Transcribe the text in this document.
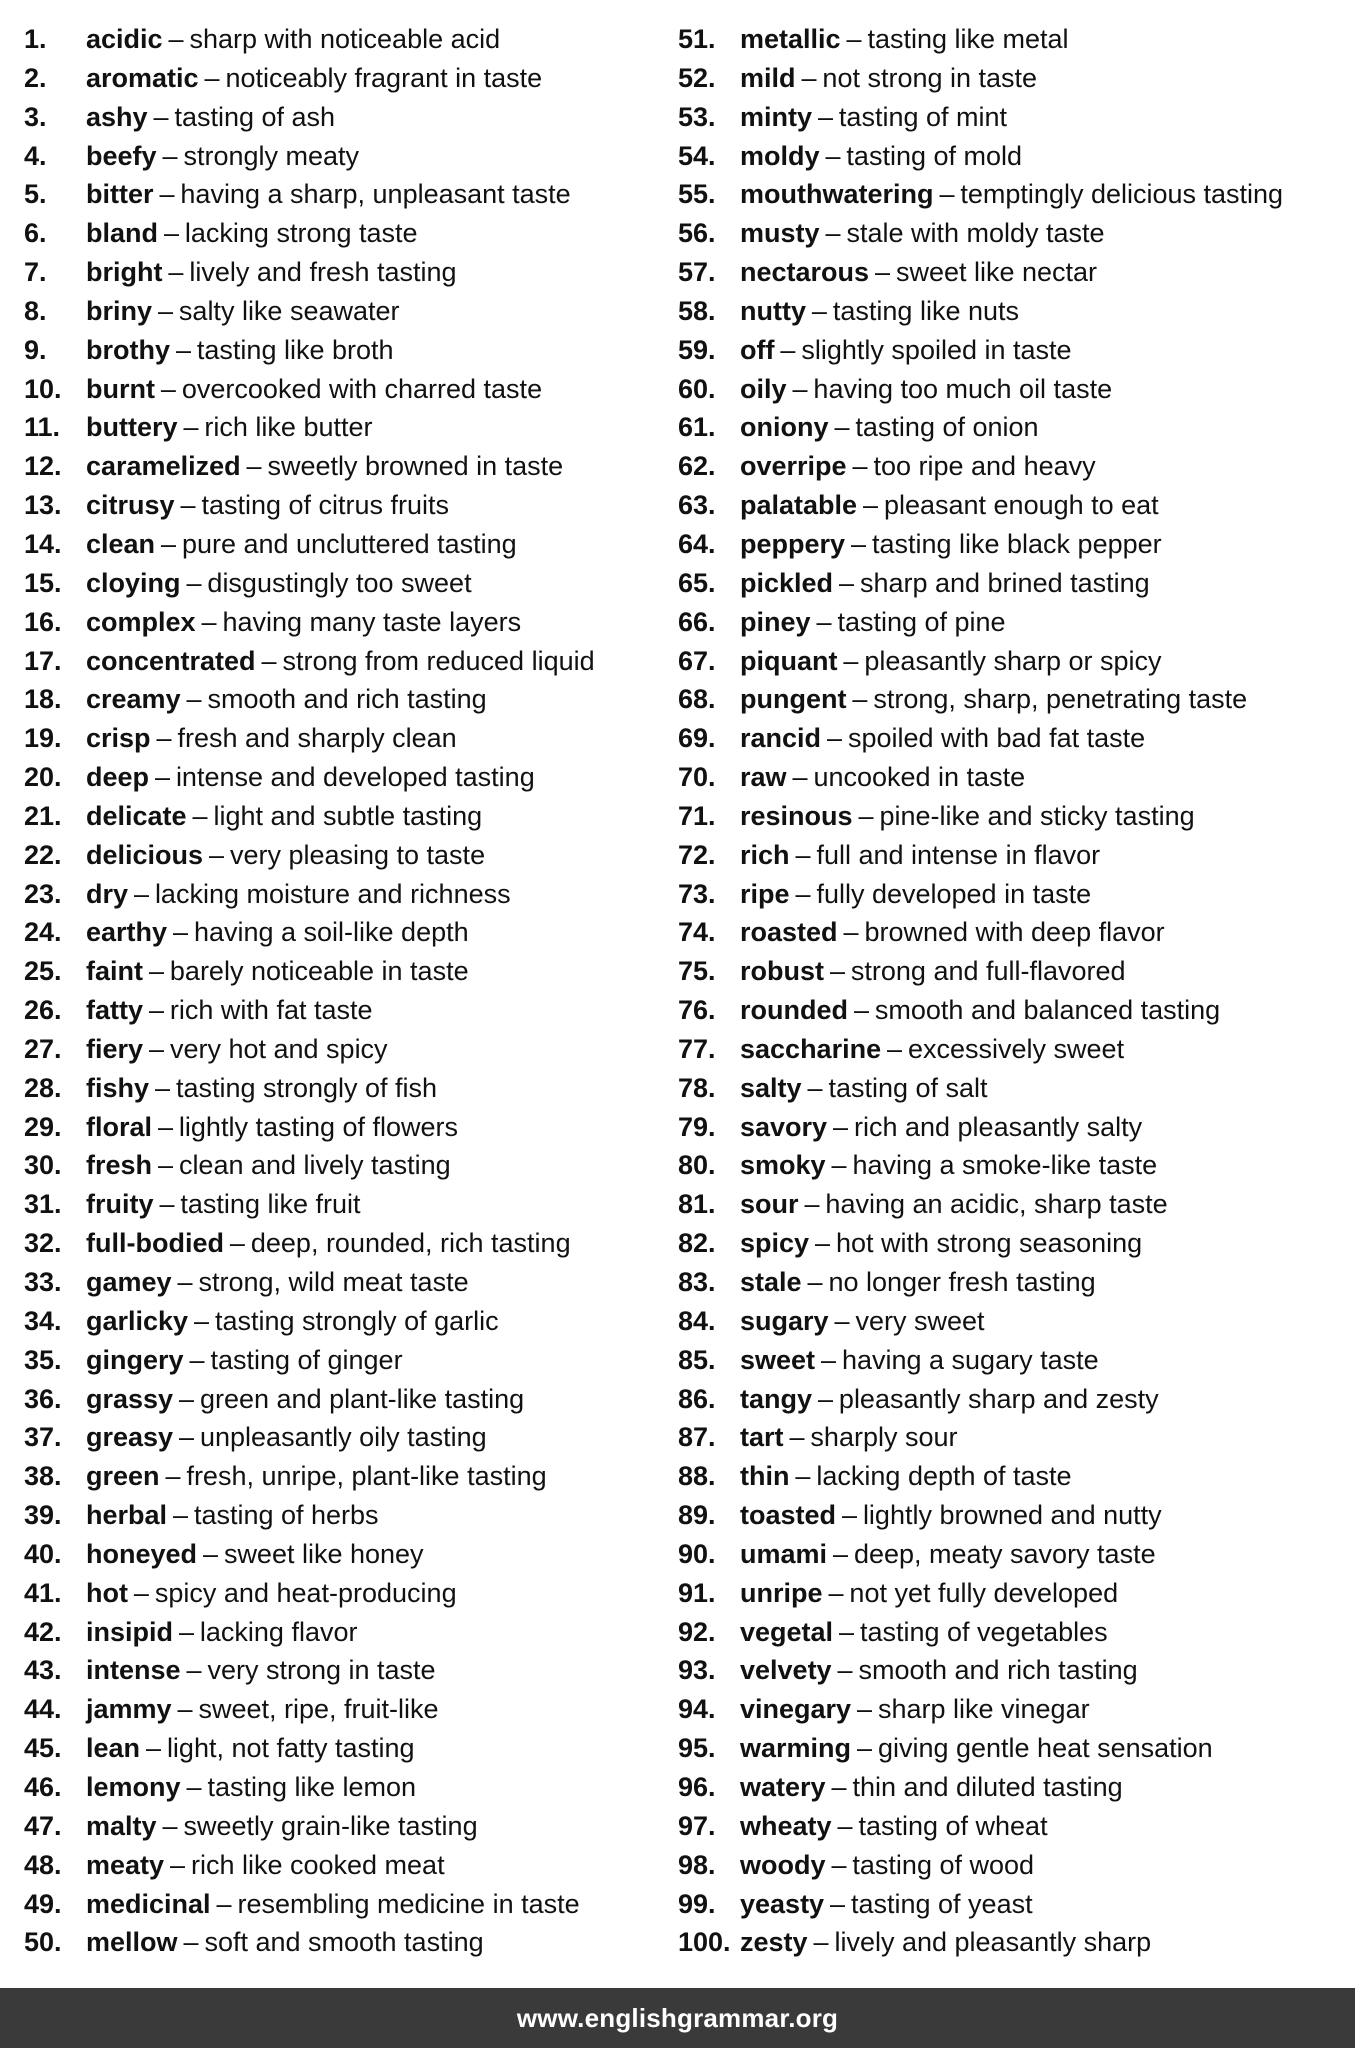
1.	acidic – sharp with noticeable acid
2.	aromatic – noticeably fragrant in taste
3.	ashy – tasting of ash
4.	beefy – strongly meaty
5.	bitter – having a sharp, unpleasant taste
6.	bland – lacking strong taste
7.	bright – lively and fresh tasting
8.	briny – salty like seawater
9.	brothy – tasting like broth
10. burnt – overcooked with charred taste
11. buttery – rich like butter
12. caramelized – sweetly browned in taste
13. citrusy – tasting of citrus fruits
14. clean – pure and uncluttered tasting
15. cloying – disgustingly too sweet
16. complex – having many taste layers
17. concentrated – strong from reduced liquid
18. creamy – smooth and rich tasting
19. crisp – fresh and sharply clean
20. deep – intense and developed tasting
21. delicate – light and subtle tasting
22. delicious – very pleasing to taste
23. dry – lacking moisture and richness
24. earthy – having a soil-like depth
25. faint – barely noticeable in taste
26. fatty – rich with fat taste
27. fiery – very hot and spicy
28. fishy – tasting strongly of fish
29. floral – lightly tasting of flowers
30. fresh – clean and lively tasting
31. fruity – tasting like fruit
32. full-bodied – deep, rounded, rich tasting
33. gamey – strong, wild meat taste
34. garlicky – tasting strongly of garlic
35. gingery – tasting of ginger
36. grassy – green and plant-like tasting
37. greasy – unpleasantly oily tasting
38. green – fresh, unripe, plant-like tasting
39. herbal – tasting of herbs
40. honeyed – sweet like honey
41. hot – spicy and heat-producing
42. insipid – lacking flavor
43. intense – very strong in taste
44. jammy – sweet, ripe, fruit-like
45. lean – light, not fatty tasting
46. lemony – tasting like lemon
47. malty – sweetly grain-like tasting
48. meaty – rich like cooked meat
49. medicinal – resembling medicine in taste
50. mellow – soft and smooth tasting
51. metallic – tasting like metal
52. mild – not strong in taste
53. minty – tasting of mint
54. moldy – tasting of mold
55. mouthwatering – temptingly delicious tasting
56. musty – stale with moldy taste
57. nectarous – sweet like nectar
58. nutty – tasting like nuts
59. off – slightly spoiled in taste
60. oily – having too much oil taste
61. oniony – tasting of onion
62. overripe – too ripe and heavy
63. palatable – pleasant enough to eat
64. peppery – tasting like black pepper
65. pickled – sharp and brined tasting
66. piney – tasting of pine
67. piquant – pleasantly sharp or spicy
68. pungent – strong, sharp, penetrating taste
69. rancid – spoiled with bad fat taste
70. raw – uncooked in taste
71. resinous – pine-like and sticky tasting
72. rich – full and intense in flavor
73. ripe – fully developed in taste
74. roasted – browned with deep flavor
75. robust – strong and full-flavored
76. rounded – smooth and balanced tasting
77. saccharine – excessively sweet
78. salty – tasting of salt
79. savory – rich and pleasantly salty
80. smoky – having a smoke-like taste
81. sour – having an acidic, sharp taste
82. spicy – hot with strong seasoning
83. stale – no longer fresh tasting
84. sugary – very sweet
85. sweet – having a sugary taste
86. tangy – pleasantly sharp and zesty
87. tart – sharply sour
88. thin – lacking depth of taste
89. toasted – lightly browned and nutty
90. umami – deep, meaty savory taste
91. unripe – not yet fully developed
92. vegetal – tasting of vegetables
93. velvety – smooth and rich tasting
94. vinegary – sharp like vinegar
95. warming – giving gentle heat sensation
96. watery – thin and diluted tasting
97. wheaty – tasting of wheat
98. woody – tasting of wood
99. yeasty – tasting of yeast
100. zesty – lively and pleasantly sharp
www.englishgrammar.org
